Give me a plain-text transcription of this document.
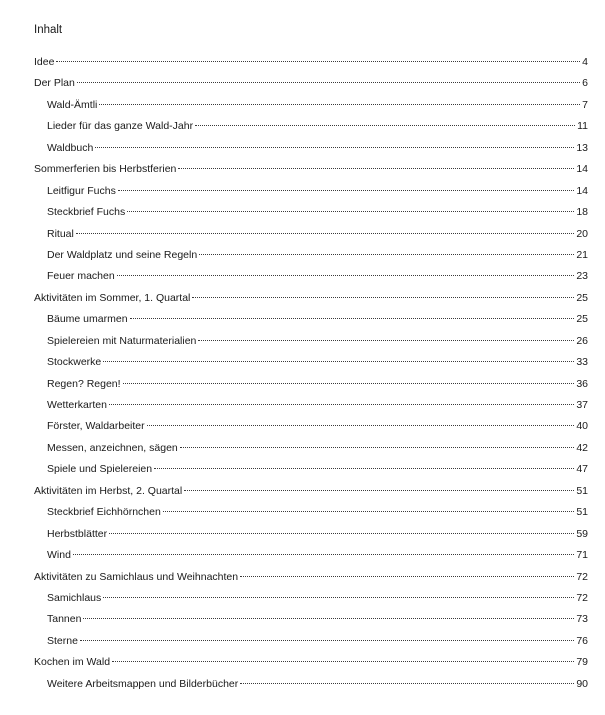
Inhalt
Idee	4
Der Plan	6
Wald-Ämtli	7
Lieder für das ganze Wald-Jahr	11
Waldbuch	13
Sommerferien bis Herbstferien	14
Leitfigur Fuchs	14
Steckbrief Fuchs	18
Ritual	20
Der Waldplatz und seine Regeln	21
Feuer machen	23
Aktivitäten im Sommer, 1. Quartal	25
Bäume umarmen	25
Spielereien mit Naturmaterialien	26
Stockwerke	33
Regen? Regen!	36
Wetterkarten	37
Förster, Waldarbeiter	40
Messen, anzeichnen, sägen	42
Spiele und Spielereien	47
Aktivitäten im Herbst, 2. Quartal	51
Steckbrief Eichhörnchen	51
Herbstblätter	59
Wind	71
Aktivitäten zu Samichlaus und Weihnachten	72
Samichlaus	72
Tannen	73
Sterne	76
Kochen im Wald	79
Weitere Arbeitsmappen und Bilderbücher	90
